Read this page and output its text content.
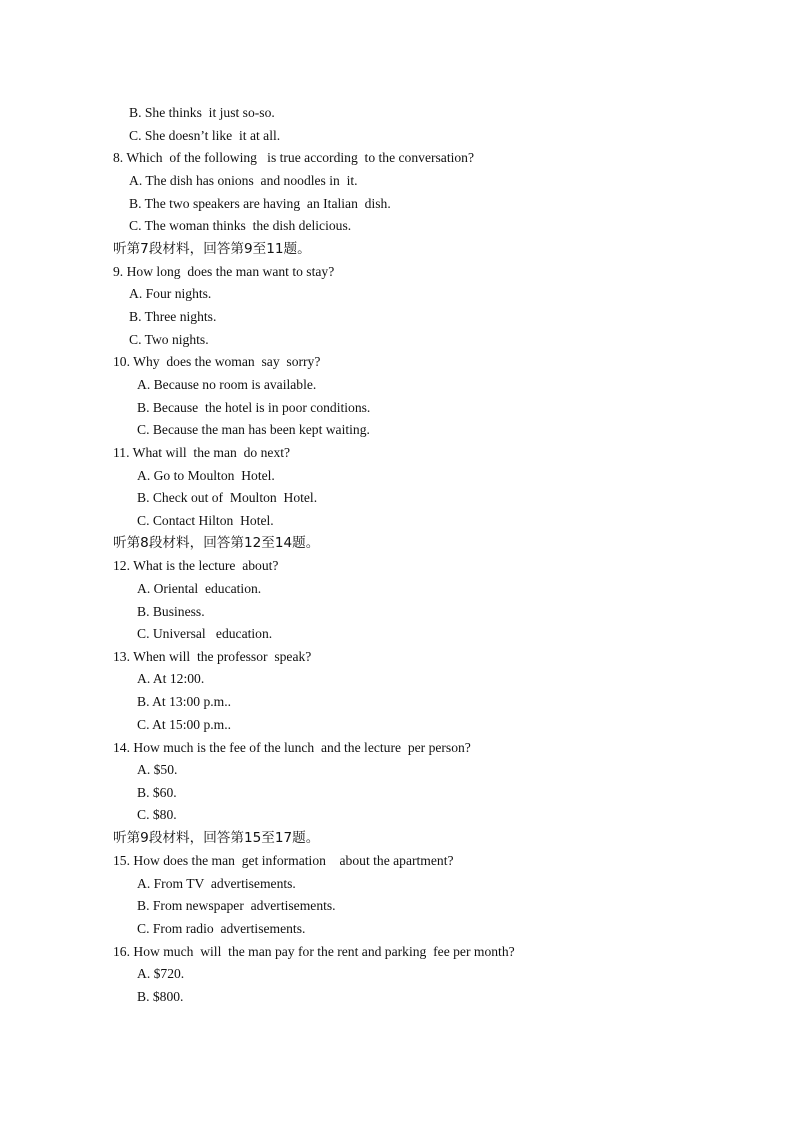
B. She thinks  it just so-so.
C. She doesn’t like  it at all.
8. Which  of the following   is true according  to the conversation?
A. The dish has onions  and noodles in  it.
B. The two speakers are having  an Italian  dish.
C. The woman thinks  the dish delicious.
听第7段材料，回答第9至11题。
9. How long  does the man want to stay?
A. Four nights.
B. Three nights.
C. Two nights.
10. Why  does the woman  say  sorry?
A. Because no room is available.
B. Because  the hotel is in poor conditions.
C. Because the man has been kept waiting.
11. What will  the man  do next?
A. Go to Moulton  Hotel.
B. Check out of  Moulton  Hotel.
C. Contact Hilton  Hotel.
听第8段材料，回答第12至14题。
12. What is the lecture  about?
A. Oriental  education.
B. Business.
C. Universal   education.
13. When will  the professor  speak?
A. At 12:00.
B. At 13:00 p.m..
C. At 15:00 p.m..
14. How much is the fee of the lunch  and the lecture  per person?
A. $50.
B. $60.
C. $80.
听第9段材料，回答第15至17题。
15. How does the man  get information    about the apartment?
A. From TV  advertisements.
B. From newspaper  advertisements.
C. From radio  advertisements.
16. How much  will  the man pay for the rent and parking  fee per month?
A. $720.
B. $800.
